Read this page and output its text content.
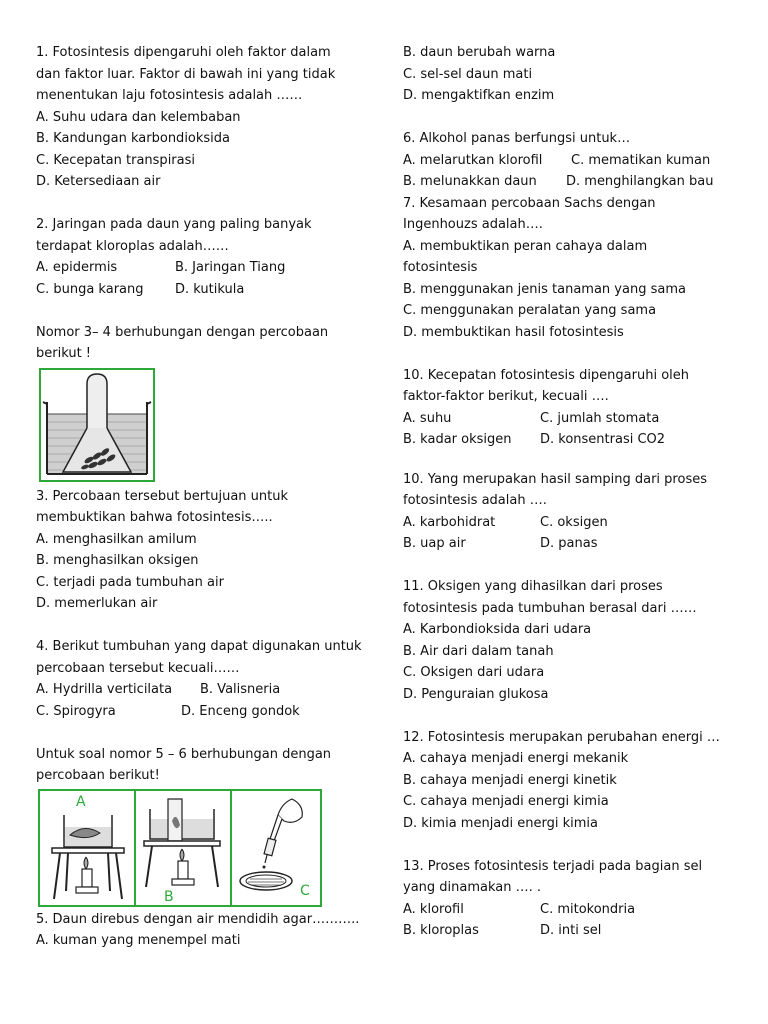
1. Fotosintesis dipengaruhi oleh faktor dalam
dan faktor luar. Faktor di bawah ini yang tidak
menentukan laju fotosintesis adalah ……
A. Suhu udara dan kelembaban
B. Kandungan karbondioksida
C. Kecepatan transpirasi
D. Ketersediaan air
2. Jaringan pada daun yang paling banyak
terdapat kloroplas adalah……
A. epidermis	B. Jaringan Tiang
C. bunga karang	D. kutikula
Nomor 3– 4 berhubungan dengan percobaan
berikut !
3. Percobaan tersebut bertujuan untuk
membuktikan bahwa fotosintesis…..
A. menghasilkan amilum
B. menghasilkan oksigen
C. terjadi pada tumbuhan air
D. memerlukan air
4. Berikut tumbuhan yang dapat digunakan untuk
percobaan tersebut kecuali……
A. Hydrilla verticilata	B. Valisneria
C. Spirogyra	D. Enceng gondok
Untuk soal nomor 5 – 6 berhubungan dengan
percobaan berikut!
A
B	C
5. Daun direbus dengan air mendidih agar………..
A. kuman yang menempel mati
B. daun berubah warna
C. sel-sel daun mati
D. mengaktifkan enzim
6. Alkohol panas berfungsi untuk…
A. melarutkan klorofil	C. mematikan kuman
B. melunakkan daun	D. menghilangkan bau
7. Kesamaan percobaan Sachs dengan
Ingenhouzs adalah….
A. membuktikan peran cahaya dalam
fotosintesis
B. menggunakan jenis tanaman yang sama
C. menggunakan peralatan yang sama
D. membuktikan hasil fotosintesis
10. Kecepatan fotosintesis dipengaruhi oleh
faktor-faktor berikut, kecuali ….
A. suhu	C. jumlah stomata
B. kadar oksigen	D. konsentrasi CO2
10. Yang merupakan hasil samping dari proses
fotosintesis adalah ….
A. karbohidrat	C. oksigen
B. uap air	D. panas
11. Oksigen yang dihasilkan dari proses
fotosintesis pada tumbuhan berasal dari ……
A. Karbondioksida dari udara
B. Air dari dalam tanah
C. Oksigen dari udara
D. Penguraian glukosa
12. Fotosintesis merupakan perubahan energi …
A. cahaya menjadi energi mekanik
B. cahaya menjadi energi kinetik
C. cahaya menjadi energi kimia
D. kimia menjadi energi kimia
13. Proses fotosintesis terjadi pada bagian sel
yang dinamakan …. .
A. klorofil	C. mitokondria
B. kloroplas	D. inti sel
